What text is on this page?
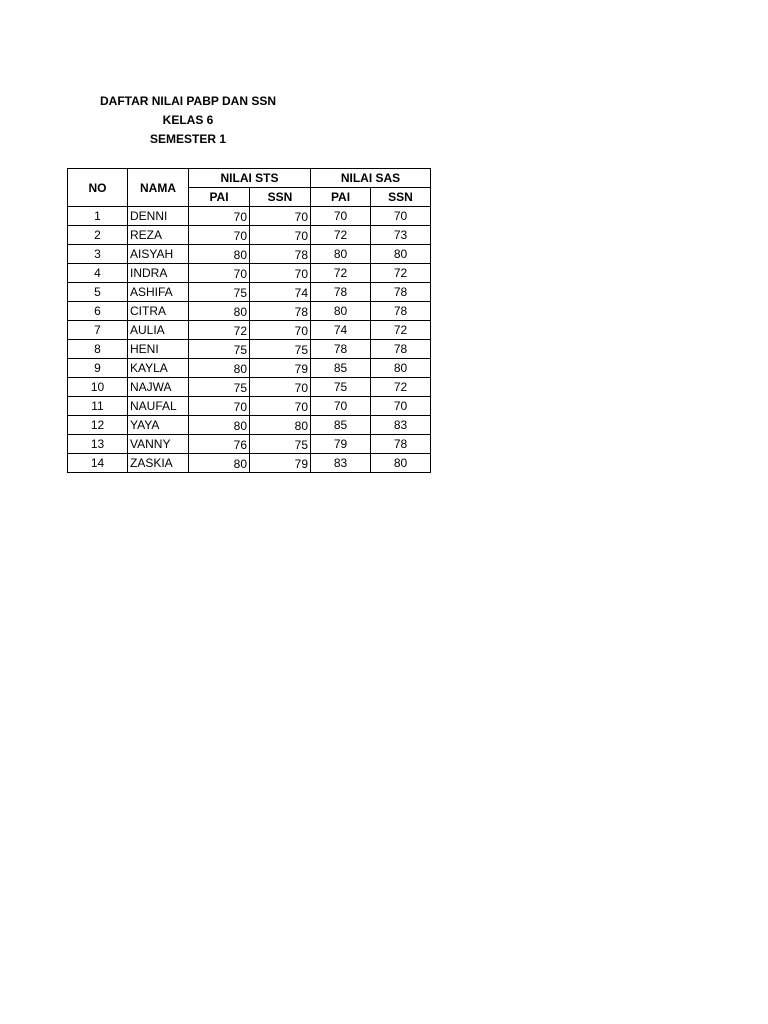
DAFTAR NILAI PABP DAN SSN
KELAS 6
SEMESTER 1
NO	NAMA	NILAI STS		NILAI SAS	
		PAI	SSN	PAI	SSN
1	DENNI	70	70	70	70
2	REZA	70	70	72	73
3	AISYAH	80	78	80	80
4	INDRA	70	70	72	72
5	ASHIFA	75	74	78	78
6	CITRA	80	78	80	78
7	AULIA	72	70	74	72
8	HENI	75	75	78	78
9	KAYLA	80	79	85	80
10	NAJWA	75	70	75	72
11	NAUFAL	70	70	70	70
12	YAYA	80	80	85	83
13	VANNY	76	75	79	78
14	ZASKIA	80	79	83	80
